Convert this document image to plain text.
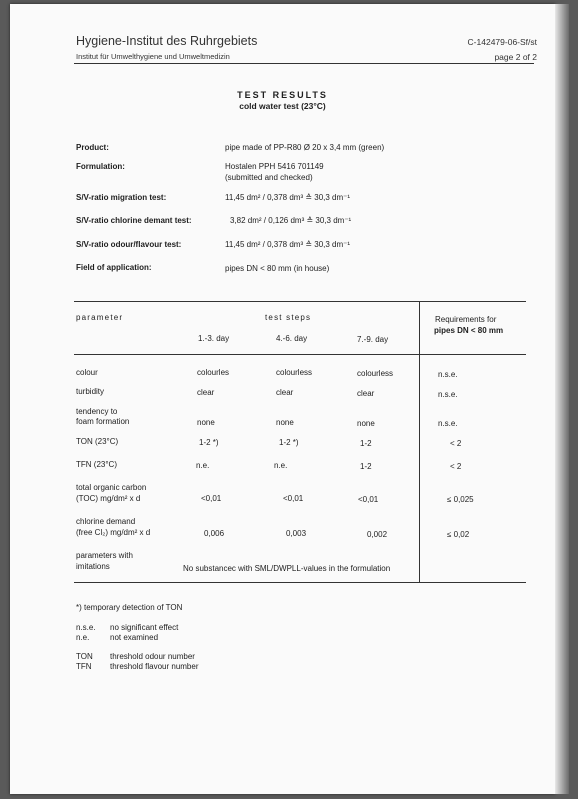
Hygiene-Institut des Ruhrgebiets
Institut für Umwelthygiene und Umweltmedizin
C-142479-06-Sf/st
page 2 of 2
TEST RESULTS
cold water test (23°C)
Product:	pipe made of PP-R80 Ø 20 x 3,4 mm (green)
Formulation:	Hostalen PPH 5416 701149
(submitted and checked)
S/V-ratio migration test:	11,45 dm² / 0,378 dm³ ≙ 30,3 dm⁻¹
S/V-ratio chlorine demant test:	3,82 dm² / 0,126 dm³ ≙ 30,3 dm⁻¹
S/V-ratio odour/flavour test:	11,45 dm² / 0,378 dm³ ≙ 30,3 dm⁻¹
Field of application:	pipes DN < 80 mm (in house)
parameter	test steps
1.-3. day	4.-6. day	7.-9. day
Requirements for
pipes DN < 80 mm
colour	colourles	colourless	colourless	n.s.e.
turbidity	clear	clear	clear	n.s.e.
tendency to
foam formation	none	none	none	n.s.e.
TON (23°C)	1-2 *)	1-2 *)	1-2	< 2
TFN (23°C)	n.e.	n.e.	1-2	< 2
total organic carbon
(TOC) mg/dm² x d	<0,01	<0,01	<0,01	≤ 0,025
chlorine demand
(free Cl₂) mg/dm² x d	0,006	0,003	0,002	≤ 0,02
parameters with
imitations	No substancec with SML/DWPLL-values in the formulation
*) temporary detection of TON
n.s.e. no significant effect
n.e.	not examined
TON threshold odour number
TFN threshold flavour number
